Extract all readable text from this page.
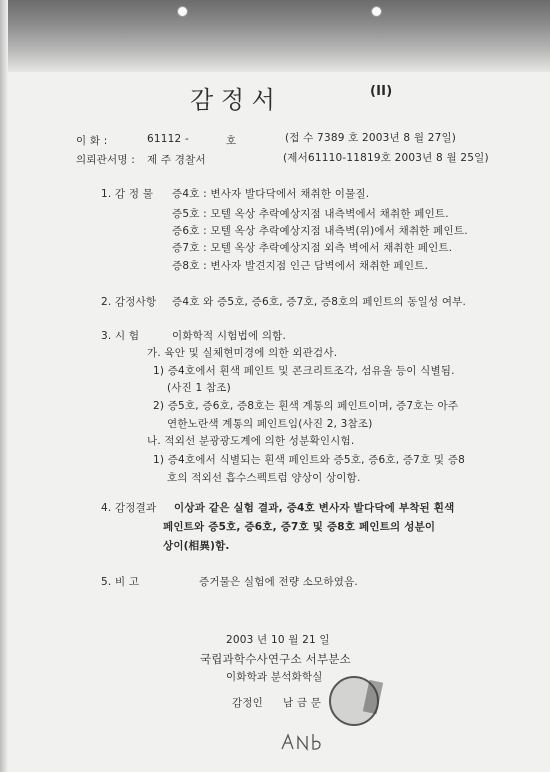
감 정 서	(II)
이 화 :	61112 -	호	(접 수 7389 호 2003년 8 월 27일)
의뢰관서명 : 제 주 경찰서	(제서61110-11819호 2003년 8 월 25일)
1. 감 정 물 증4호 : 변사자 발다닥에서 채취한 이물질.
증5호 : 모텔 옥상 추락예상지점 내측벽에서 채취한 페인트.
증6호 : 모텔 옥상 추락예상지점 내측벽(위)에서 채취한 페인트.
증7호 : 모텔 옥상 추락예상지점 외측 벽에서 채취한 페인트.
증8호 : 변사자 발견지점 인근 담벽에서 채취한 페인트.
2. 감정사항 증4호 와 증5호, 증6호, 증7호, 증8호의 페인트의 동일성 여부.
3. 시 험	이화학적 시험법에 의함.
가. 육안 및 실체현미경에 의한 외관검사.
1) 증4호에서 흰색 페인트 및 콘크리트조각, 섬유울 등이 식별됨.
(사진 1 참조)
2) 증5호, 증6호, 증8호는 흰색 계통의 페인트이며, 증7호는 아주
연한노란색 계통의 페인트임(사진 2, 3참조)
나. 적외선 분광광도계에 의한 성분확인시험.
1) 증4호에서 식별되는 흰색 페인트와 증5호, 증6호, 증7호 및 증8
호의 적외선 흡수스펙트럼 양상이 상이함.
4. 감정결과 이상과 같은 실험 결과, 증4호 변사자 발다닥에 부착된 흰색
페인트와 증5호, 증6호, 증7호 및 증8호 페인트의 성분이
상이(相異)함.
5. 비 고	증거물은 실험에 전량 소모하였음.
2003 년 10 월 21 일
국립과학수사연구소 서부분소
이화학과 분석화학실
감정인 남 금 문
